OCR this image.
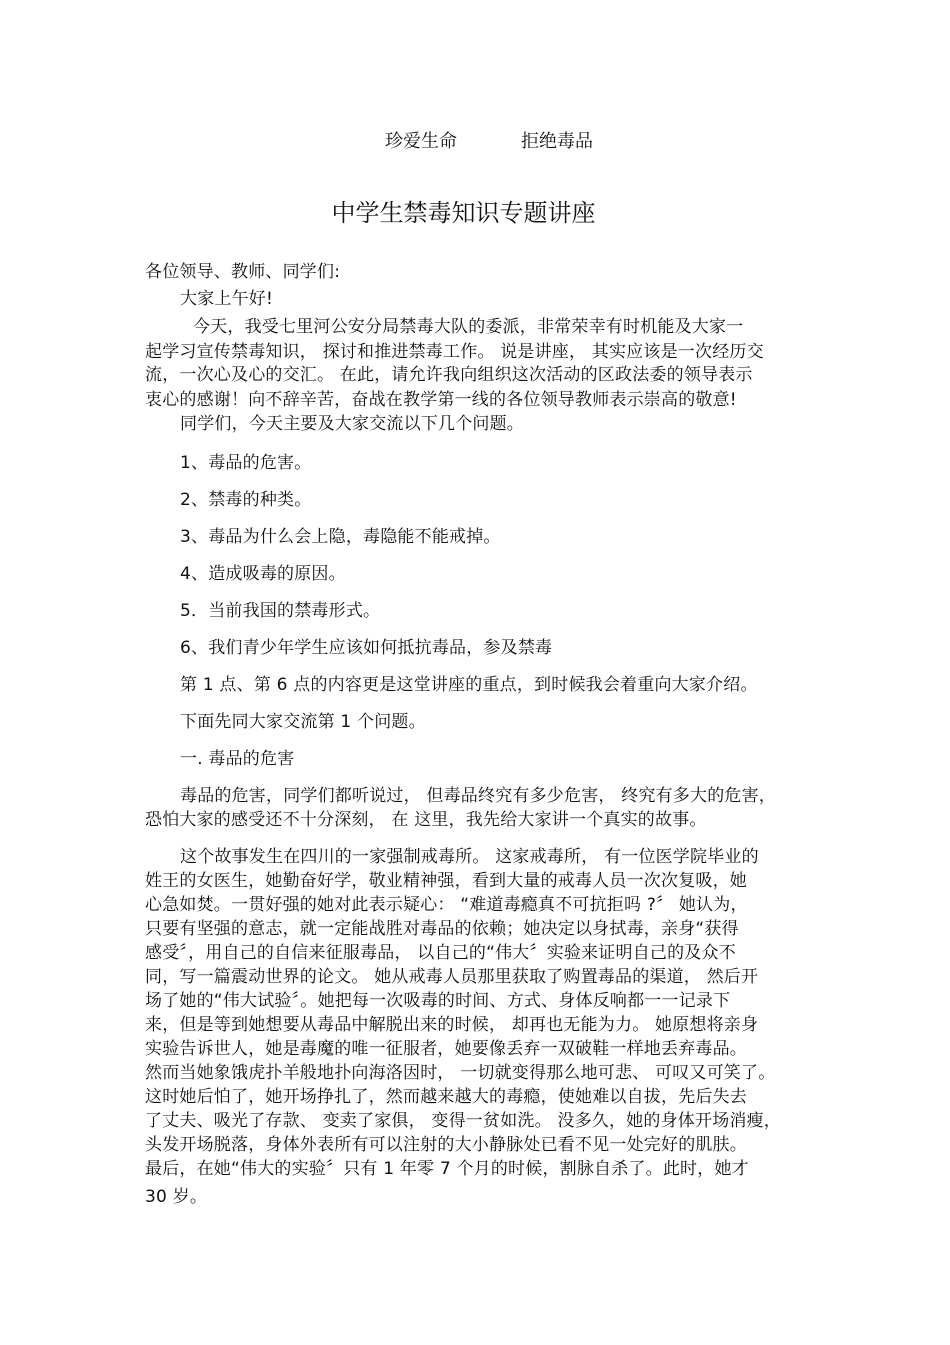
珍爱生命	拒绝毒品
中学生禁毒知识专题讲座
各位领导、教师、同学们:
大家上午好!
今天，我受七里河公安分局禁毒大队的委派，非常荣幸有时机能及大家一
起学习宣传禁毒知识， 探讨和推进禁毒工作。 说是讲座， 其实应该是一次经历交
流，一次心及心的交汇。 在此，请允许我向组织这次活动的区政法委的领导表示
衷心的感谢！向不辞辛苦，奋战在教学第一线的各位领导教师表示崇高的敬意!
同学们，今天主要及大家交流以下几个问题。
1、毒品的危害。
2、禁毒的种类。
3、毒品为什么会上隐，毒隐能不能戒掉。
4、造成吸毒的原因。
5．当前我国的禁毒形式。
6、我们青少年学生应该如何抵抗毒品，参及禁毒
第 1 点、第 6 点的内容更是这堂讲座的重点，到时候我会着重向大家介绍。
下面先同大家交流第 1 个问题。
一. 毒品的危害
毒品的危害，同学们都听说过， 但毒品终究有多少危害， 终究有多大的危害，
恐怕大家的感受还不十分深刻， 在 这里，我先给大家讲一个真实的故事。
这个故事发生在四川的一家强制戒毒所。 这家戒毒所， 有一位医学院毕业的
姓王的女医生，她勤奋好学，敬业精神强，看到大量的戒毒人员一次次复吸，她
心急如焚。一贯好强的她对此表示疑心： “难道毒瘾真不可抗拒吗 ?〞 她认为，
只要有坚强的意志，就一定能战胜对毒品的依赖；她决定以身拭毒，亲身“获得
感受〞，用自己的自信来征服毒品， 以自己的“伟大〞实验来证明自己的及众不
同，写一篇震动世界的论文。 她从戒毒人员那里获取了购置毒品的渠道， 然后开
场了她的“伟大试验〞。她把每一次吸毒的时间、方式、身体反响都一一记录下
来，但是等到她想要从毒品中解脱出来的时候， 却再也无能为力。 她原想将亲身
实验告诉世人，她是毒魔的唯一征服者，她要像丢弃一双破鞋一样地丢弃毒品。
然而当她象饿虎扑羊般地扑向海洛因时， 一切就变得那么地可悲、 可叹又可笑了。
这时她后怕了，她开场挣扎了，然而越来越大的毒瘾，使她难以自拔，先后失去
了丈夫、吸光了存款、 变卖了家俱， 变得一贫如洗。 没多久，她的身体开场消瘦，
头发开场脱落，身体外表所有可以注射的大小静脉处已看不见一处完好的肌肤。
最后，在她“伟大的实验〞只有 1 年零 7 个月的时候，割脉自杀了。此时，她才
30 岁。
